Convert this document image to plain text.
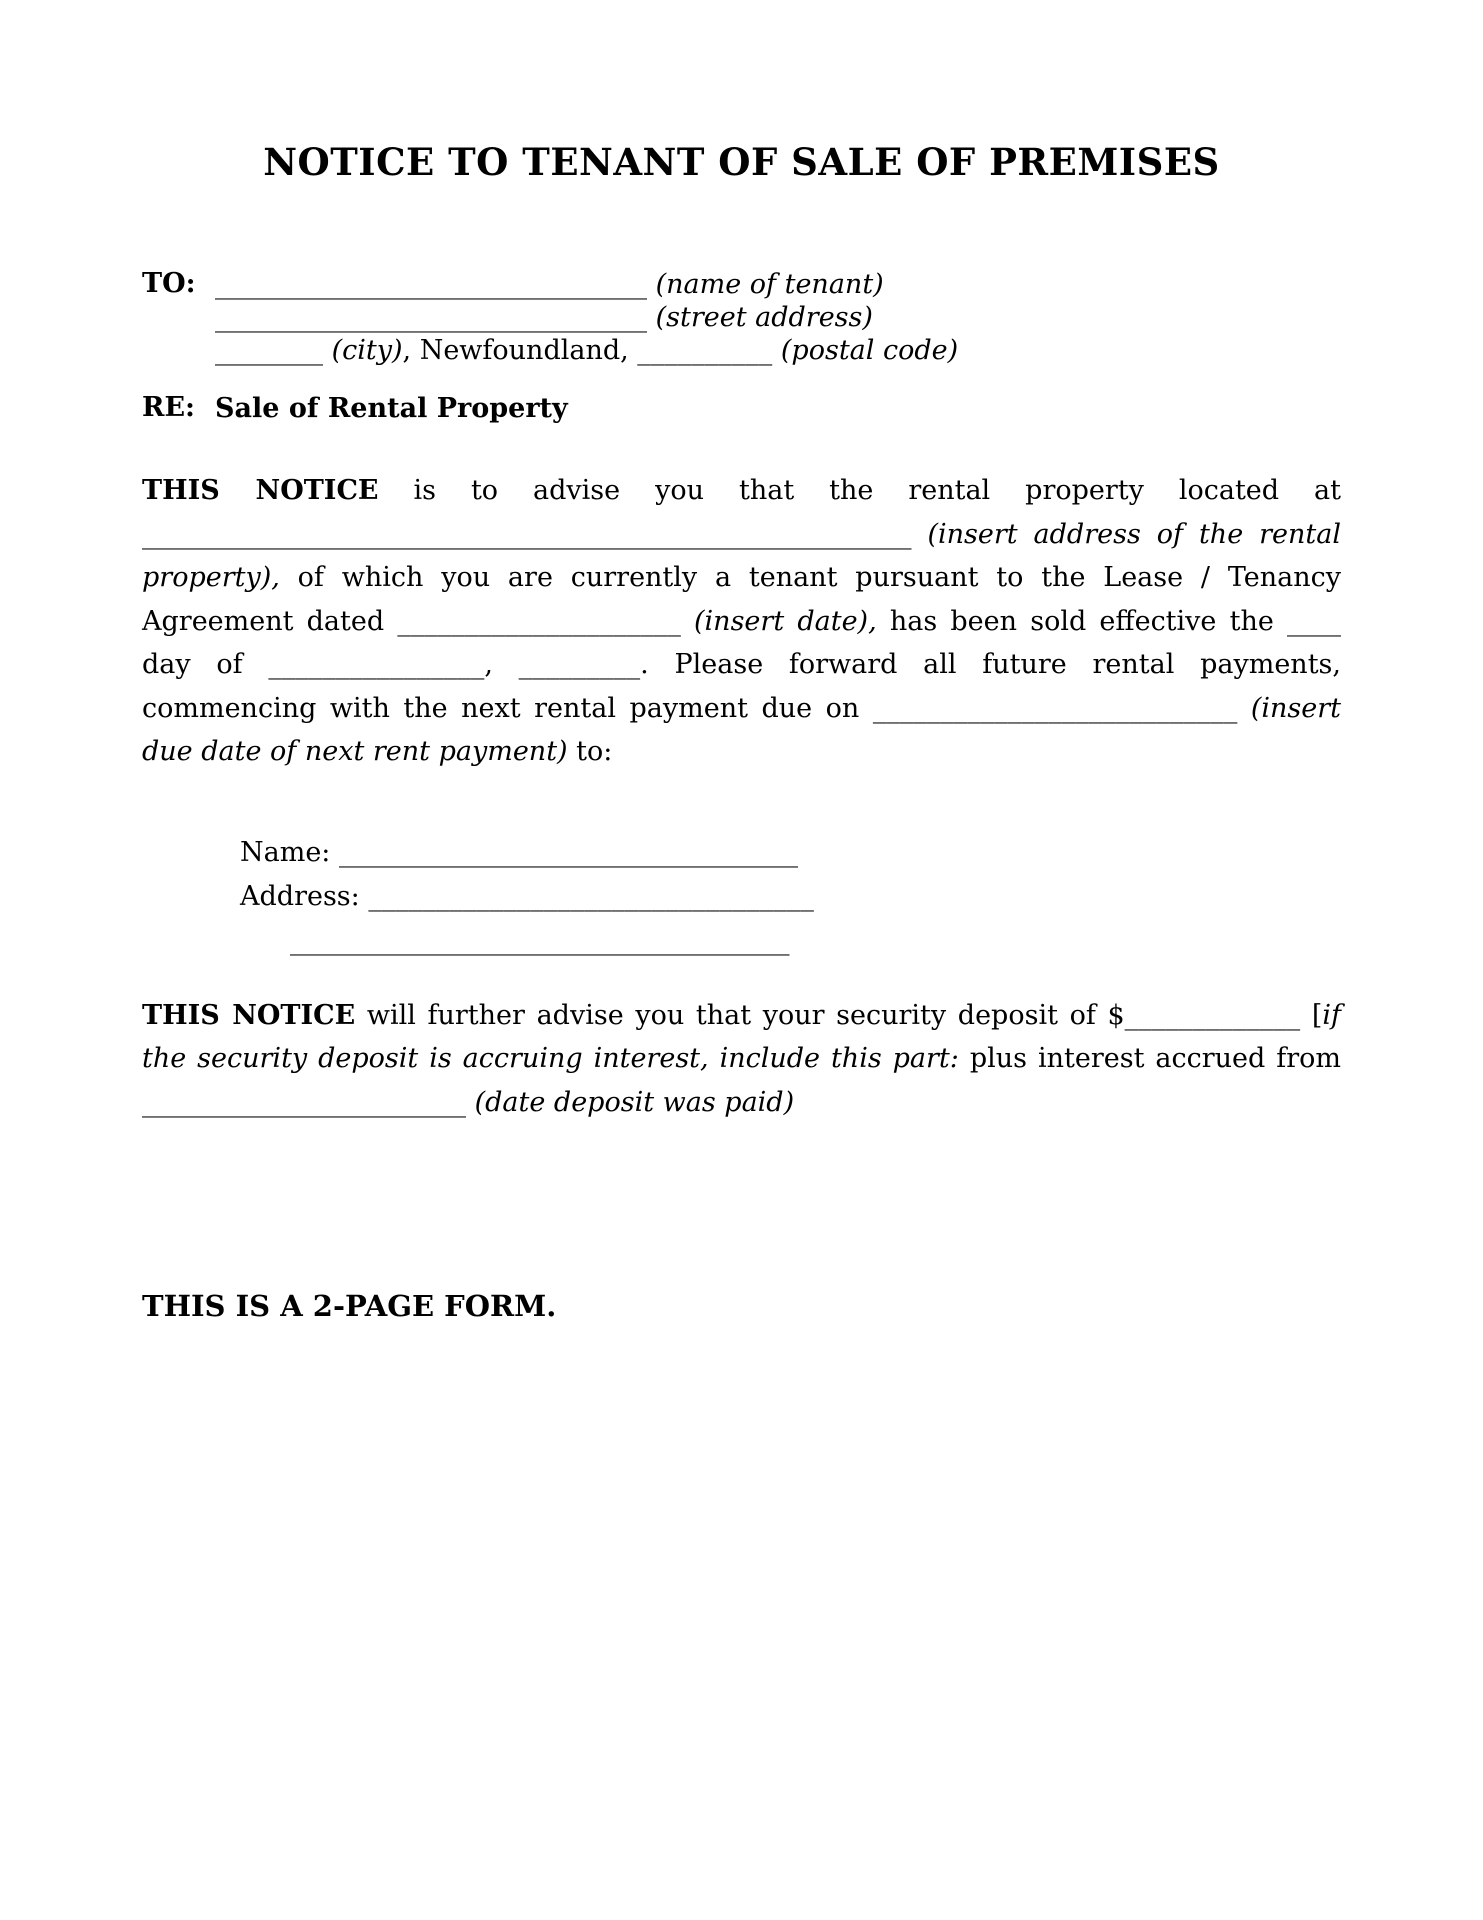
NOTICE TO TENANT OF SALE OF PREMISES
TO: ________________________________ (name of tenant)
________________________________ (street address)
________ (city), Newfoundland, __________ (postal code)
RE: Sale of Rental Property
THIS NOTICE is to advise you that the rental property located at
_________________________________________________________ (insert address of the rental
property), of which you are currently a tenant pursuant to the Lease / Tenancy
Agreement dated _____________________ (insert date), has been sold effective the ____
day of ________________, _________. Please forward all future rental payments,
commencing with the next rental payment due on ___________________________ (insert
due date of next rent payment) to:
Name: __________________________________
Address: _________________________________
_____________________________________
THIS NOTICE will further advise you that your security deposit of $_____________ [if
the security deposit is accruing interest, include this part: plus interest accrued from
________________________ (date deposit was paid)
THIS IS A 2-PAGE FORM.
